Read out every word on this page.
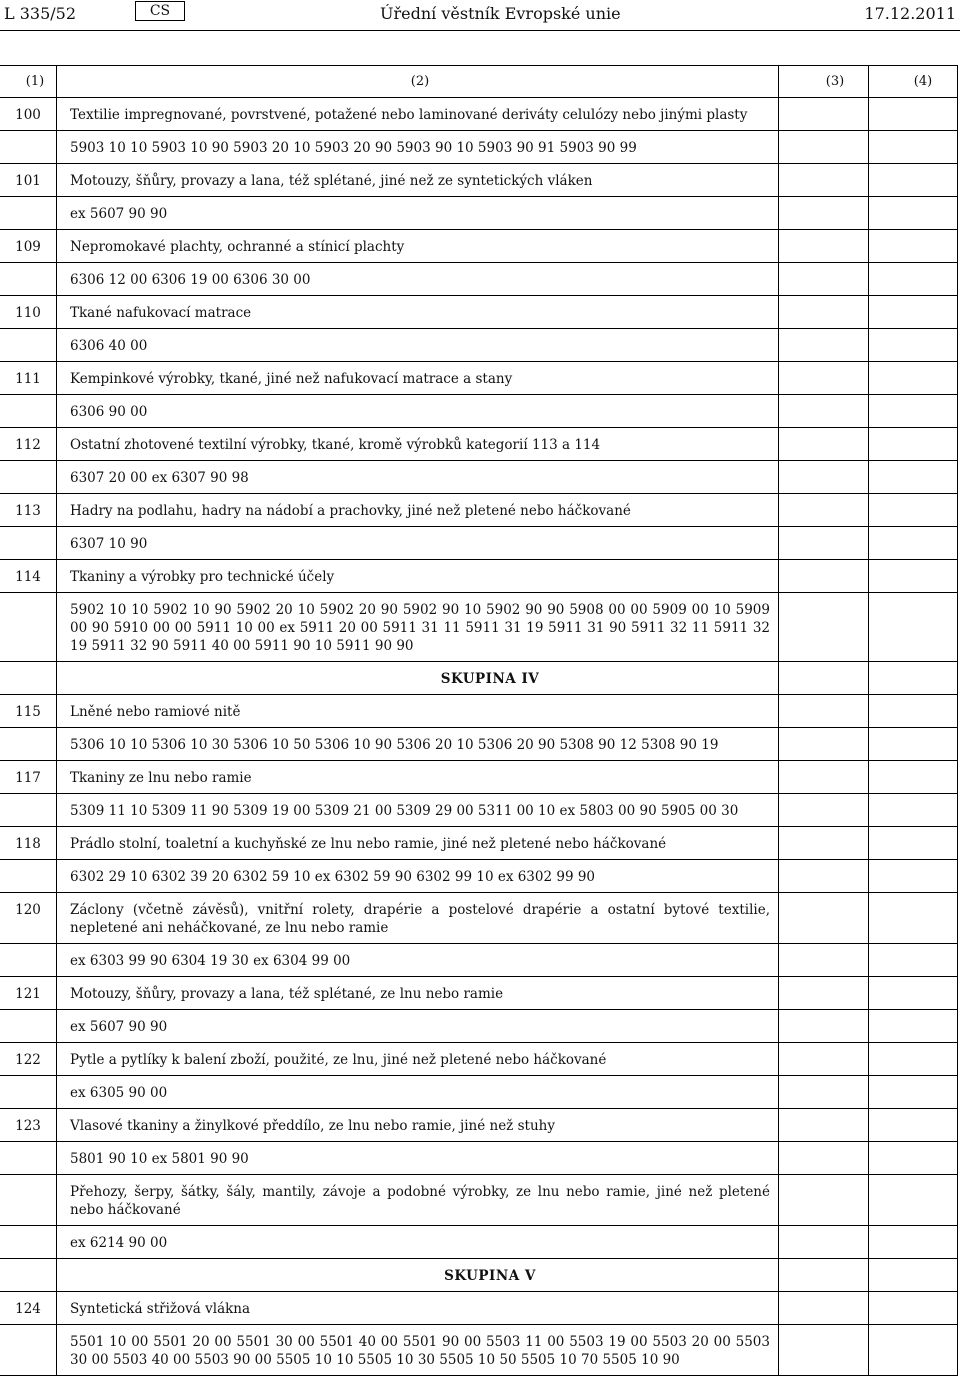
L 335/52	CS	Úřední věstník Evropské unie	17.12.2011
(1)	(2)	(3)	(4)
100	Textilie impregnované, povrstvené, potažené nebo laminované deriváty celulózy nebo jinými plasty
5903 10 10 5903 10 90 5903 20 10 5903 20 90 5903 90 10 5903 90 91 5903 90 99
101	Motouzy, šňůry, provazy a lana, též splétané, jiné než ze syntetických vláken
ex 5607 90 90
109	Nepromokavé plachty, ochranné a stínicí plachty
6306 12 00 6306 19 00 6306 30 00
110	Tkané nafukovací matrace
6306 40 00
111	Kempinkové výrobky, tkané, jiné než nafukovací matrace a stany
6306 90 00
112	Ostatní zhotovené textilní výrobky, tkané, kromě výrobků kategorií 113 a 114
6307 20 00 ex 6307 90 98
113	Hadry na podlahu, hadry na nádobí a prachovky, jiné než pletené nebo háčkované
6307 10 90
114	Tkaniny a výrobky pro technické účely
5902 10 10 5902 10 90 5902 20 10 5902 20 90 5902 90 10 5902 90 90 5908 00 00 5909 00 10 5909 00 90 5910 00 00 5911 10 00 ex 5911 20 00 5911 31 11 5911 31 19 5911 31 90 5911 32 11 5911 32 19 5911 32 90 5911 40 00 5911 90 10 5911 90 90
SKUPINA IV
115	Lněné nebo ramiové nitě
5306 10 10 5306 10 30 5306 10 50 5306 10 90 5306 20 10 5306 20 90 5308 90 12 5308 90 19
117	Tkaniny ze lnu nebo ramie
5309 11 10 5309 11 90 5309 19 00 5309 21 00 5309 29 00 5311 00 10 ex 5803 00 90 5905 00 30
118	Prádlo stolní, toaletní a kuchyňské ze lnu nebo ramie, jiné než pletené nebo háčkované
6302 29 10 6302 39 20 6302 59 10 ex 6302 59 90 6302 99 10 ex 6302 99 90
120	Záclony (včetně závěsů), vnitřní rolety, drapérie a postelové drapérie a ostatní bytové textilie, nepletené ani neháčkované, ze lnu nebo ramie
ex 6303 99 90 6304 19 30 ex 6304 99 00
121	Motouzy, šňůry, provazy a lana, též splétané, ze lnu nebo ramie
ex 5607 90 90
122	Pytle a pytlíky k balení zboží, použité, ze lnu, jiné než pletené nebo háčkované
ex 6305 90 00
123	Vlasové tkaniny a žinylkové předdílo, ze lnu nebo ramie, jiné než stuhy
5801 90 10 ex 5801 90 90
Přehozy, šerpy, šátky, šály, mantily, závoje a podobné výrobky, ze lnu nebo ramie, jiné než pletené nebo háčkované
ex 6214 90 00
SKUPINA V
124	Syntetická střižová vlákna
5501 10 00 5501 20 00 5501 30 00 5501 40 00 5501 90 00 5503 11 00 5503 19 00 5503 20 00 5503 30 00 5503 40 00 5503 90 00 5505 10 10 5505 10 30 5505 10 50 5505 10 70 5505 10 90
